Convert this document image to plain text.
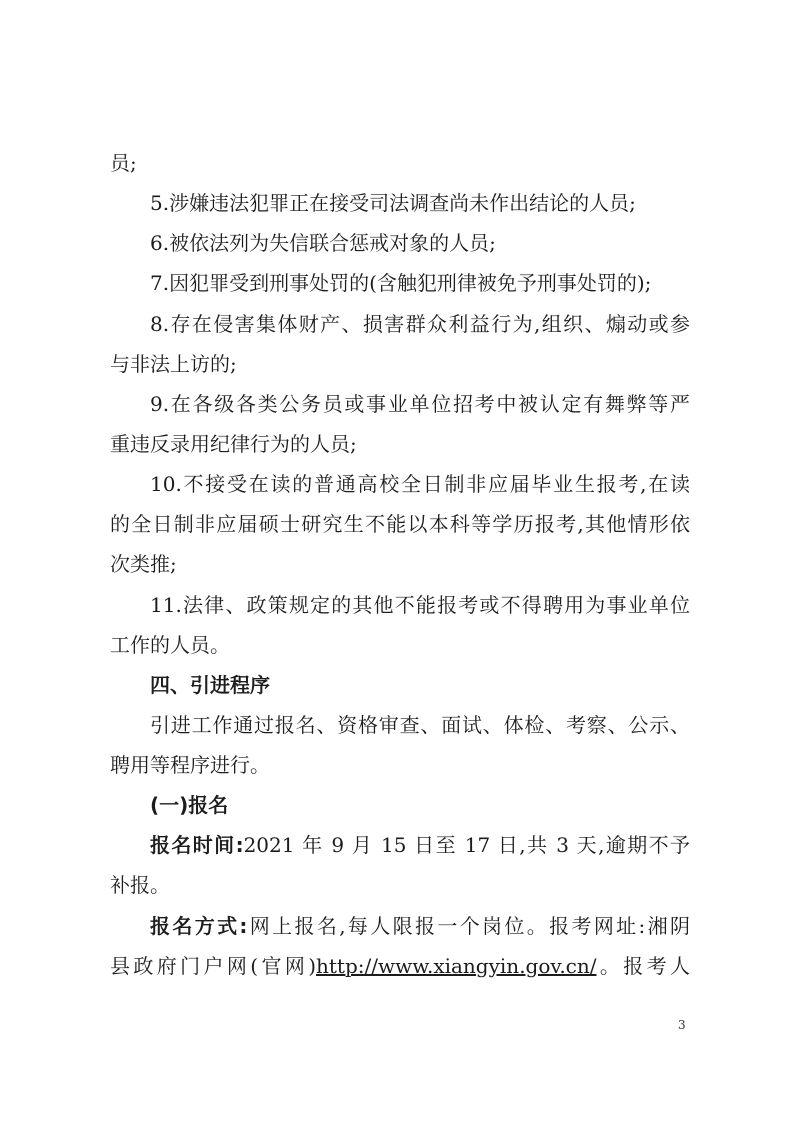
员;
5.涉嫌违法犯罪正在接受司法调查尚未作出结论的人员;
6.被依法列为失信联合惩戒对象的人员;
7.因犯罪受到刑事处罚的(含触犯刑律被免予刑事处罚的);
8.存在侵害集体财产、损害群众利益行为,组织、煽动或参
与非法上访的;
9.在各级各类公务员或事业单位招考中被认定有舞弊等严
重违反录用纪律行为的人员;
10.不接受在读的普通高校全日制非应届毕业生报考,在读
的全日制非应届硕士研究生不能以本科等学历报考,其他情形依
次类推;
11.法律、政策规定的其他不能报考或不得聘用为事业单位
工作的人员。
四、引进程序
引进工作通过报名、资格审查、面试、体检、考察、公示、
聘用等程序进行。
(一)报名
报名时间:2021 年 9 月 15 日至 17 日,共 3 天,逾期不予
补报。
报名方式:网上报名,每人限报一个岗位。报考网址:湘阴
县政府门户网(官网)http://www.xiangyin.gov.cn/。报考人
3
